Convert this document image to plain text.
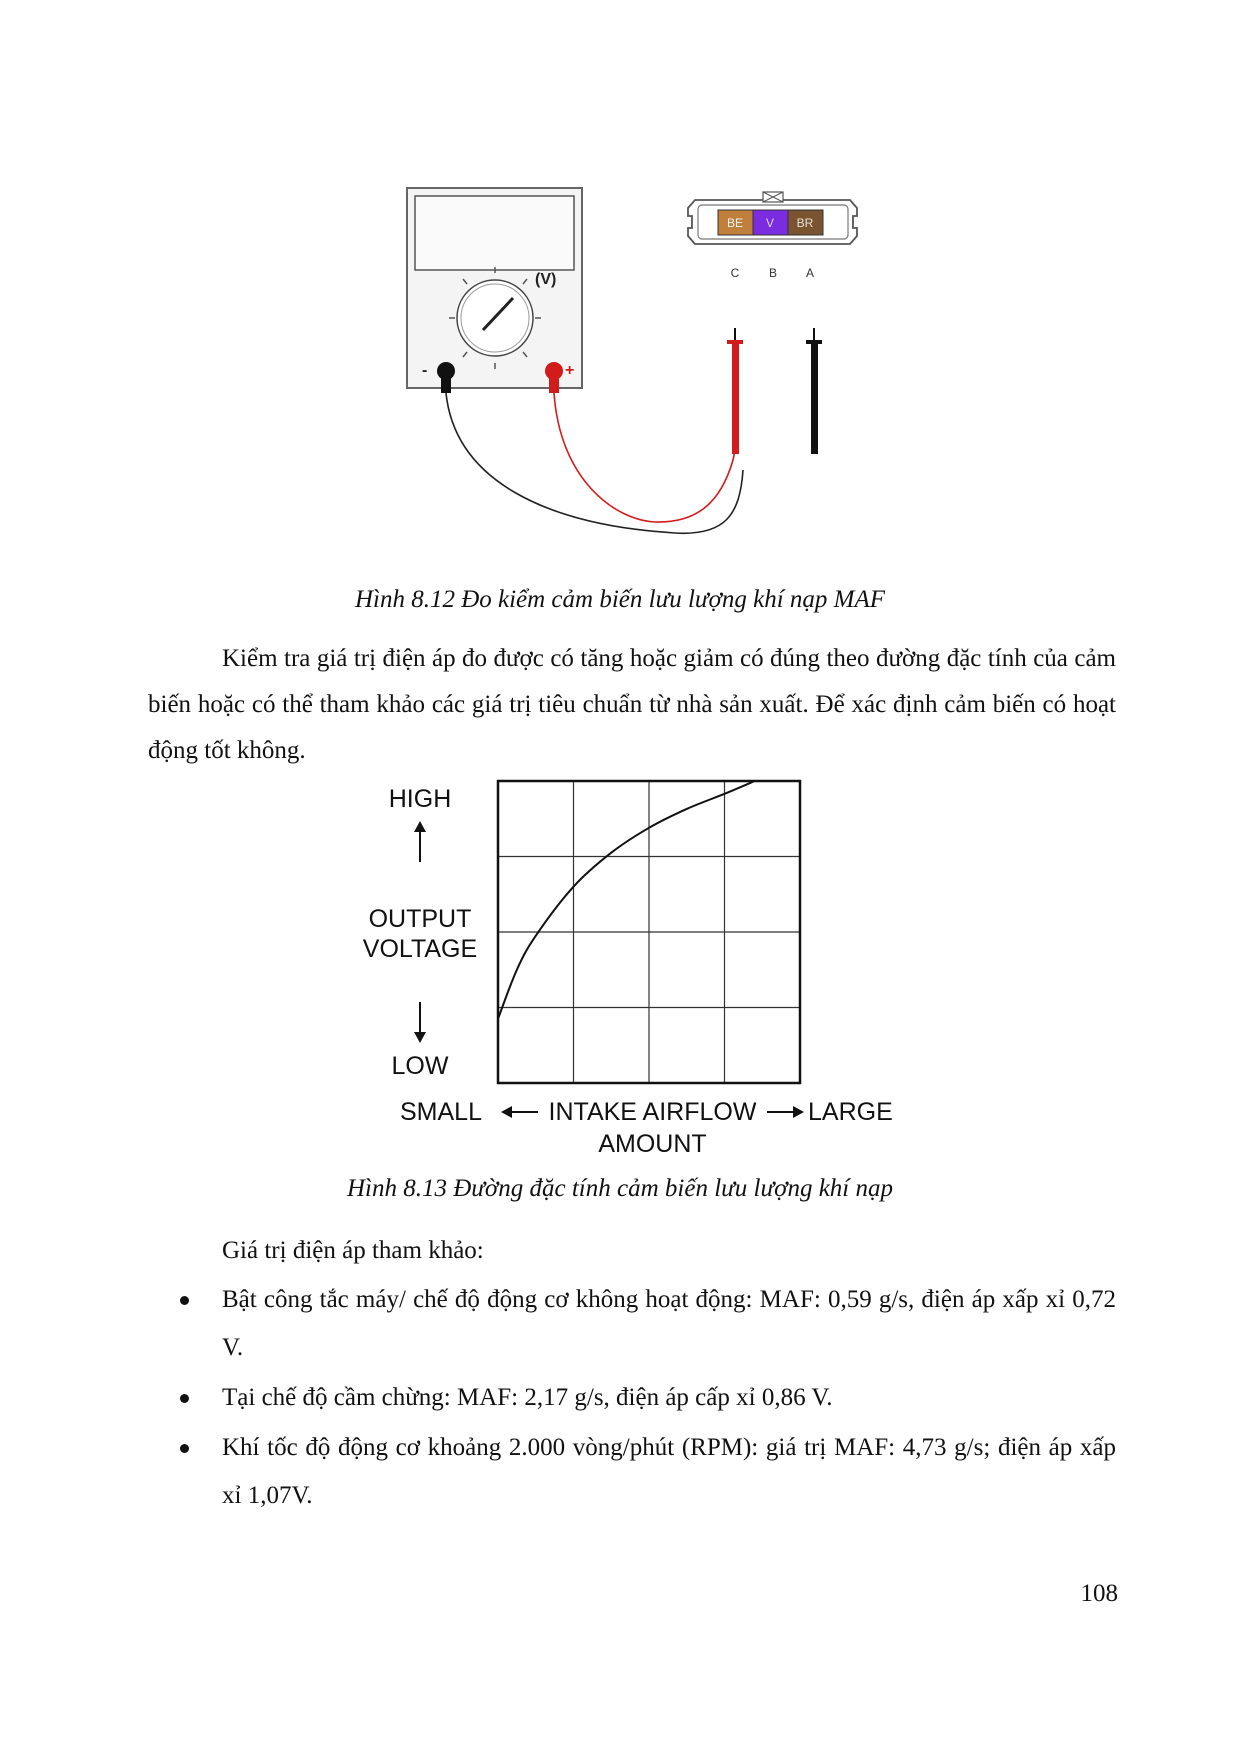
(V)
-	+
BE V BR
C B A
Hình 8.12 Đo kiểm cảm biến lưu lượng khí nạp MAF
Kiểm tra giá trị điện áp đo được có tăng hoặc giảm có đúng theo đường đặc tính của cảm biến hoặc có thể tham khảo các giá trị tiêu chuẩn từ nhà sản xuất. Để xác định cảm biến có hoạt động tốt không.
HIGH
OUTPUT
VOLTAGE
LOW
SMALL	INTAKE AIRFLOW	LARGE
AMOUNT
Hình 8.13 Đường đặc tính cảm biến lưu lượng khí nạp
Giá trị điện áp tham khảo:
Bật công tắc máy/ chế độ động cơ không hoạt động: MAF: 0,59 g/s, điện áp xấp xỉ 0,72 V.
Tại chế độ cầm chừng: MAF: 2,17 g/s, điện áp cấp xỉ 0,86 V.
Khí tốc độ động cơ khoảng 2.000 vòng/phút (RPM): giá trị MAF: 4,73 g/s; điện áp xấp xỉ 1,07V.
108
